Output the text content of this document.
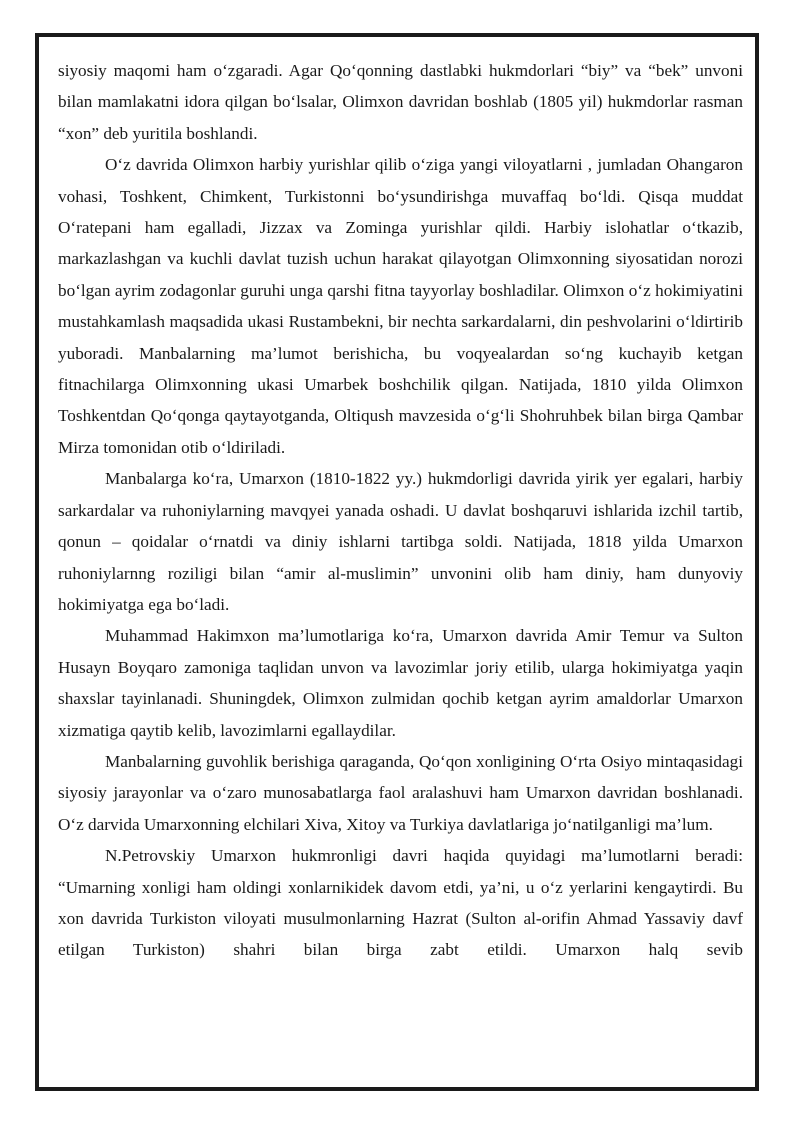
siyosiy maqomi ham o‘zgaradi. Agar Qo‘qonning dastlabki hukmdorlari “biy” va “bek” unvoni bilan mamlakatni idora qilgan bo‘lsalar, Olimxon davridan boshlab (1805 yil) hukmdorlar rasman “xon” deb yuritila boshlandi.

O‘z davrida Olimxon harbiy yurishlar qilib o‘ziga yangi viloyatlarni , jumladan Ohangaron vohasi, Toshkent, Chimkent, Turkistonni bo‘ysundirishga muvaffaq bo‘ldi. Qisqa muddat O‘ratepani ham egalladi, Jizzax va Zominga yurishlar qildi. Harbiy islohatlar o‘tkazib, markazlashgan va kuchli davlat tuzish uchun harakat qilayotgan Olimxonning siyosatidan norozi bo‘lgan ayrim zodagonlar guruhi unga qarshi fitna tayyorlay boshladilar. Olimxon o‘z hokimiyatini mustahkamlash maqsadida ukasi Rustambekni, bir nechta sarkardalarni, din peshvolarini o‘ldirtirib yuboradi. Manbalarning ma’lumot berishicha, bu voqyealardan so‘ng kuchayib ketgan fitnachilarga Olimxonning ukasi Umarbek boshchilik qilgan. Natijada, 1810 yilda Olimxon Toshkentdan Qo‘qonga qaytayotganda, Oltiqush mavzesida o‘g‘li Shohruhbek bilan birga Qambar Mirza tomonidan otib o‘ldiriladi.

Manbalarga ko‘ra, Umarxon (1810-1822 yy.) hukmdorligi davrida yirik yer egalari, harbiy sarkardalar va ruhoniylarning mavqyei yanada oshadi. U davlat boshqaruvi ishlarida izchil tartib, qonun – qoidalar o‘rnatdi va diniy ishlarni tartibga soldi. Natijada, 1818 yilda Umarxon ruhoniylarnng roziligi bilan “amir al-muslimin” unvonini olib ham diniy, ham dunyoviy hokimiyatga ega bo‘ladi.

Muhammad Hakimxon ma’lumotlariga ko‘ra, Umarxon davrida Amir Temur va Sulton Husayn Boyqaro zamoniga taqlidan unvon va lavozimlar joriy etilib, ularga hokimiyatga yaqin shaxslar tayinlanadi. Shuningdek, Olimxon zulmidan qochib ketgan ayrim amaldorlar Umarxon xizmatiga qaytib kelib, lavozimlarni egallaydilar.

Manbalarning guvohlik berishiga qaraganda, Qo‘qon xonligining O‘rta Osiyo mintaqasidagi siyosiy jarayonlar va o‘zaro munosabatlarga faol aralashuvi ham Umarxon davridan boshlanadi. O‘z darvida Umarxonning elchilari Xiva, Xitoy va Turkiya davlatlariga jo‘natilganligi ma’lum.

N.Petrovskiy Umarxon hukmronligi davri haqida quyidagi ma’lumotlarni beradi: “Umarning xonligi ham oldingi xonlarnikidek davom etdi, ya’ni, u o‘z yerlarini kengaytirdi. Bu xon davrida Turkiston viloyati musulmonlarning Hazrat (Sulton al-orifin Ahmad Yassaviy davf etilgan Turkiston) shahri bilan birga zabt etildi. Umarxon halq sevib
